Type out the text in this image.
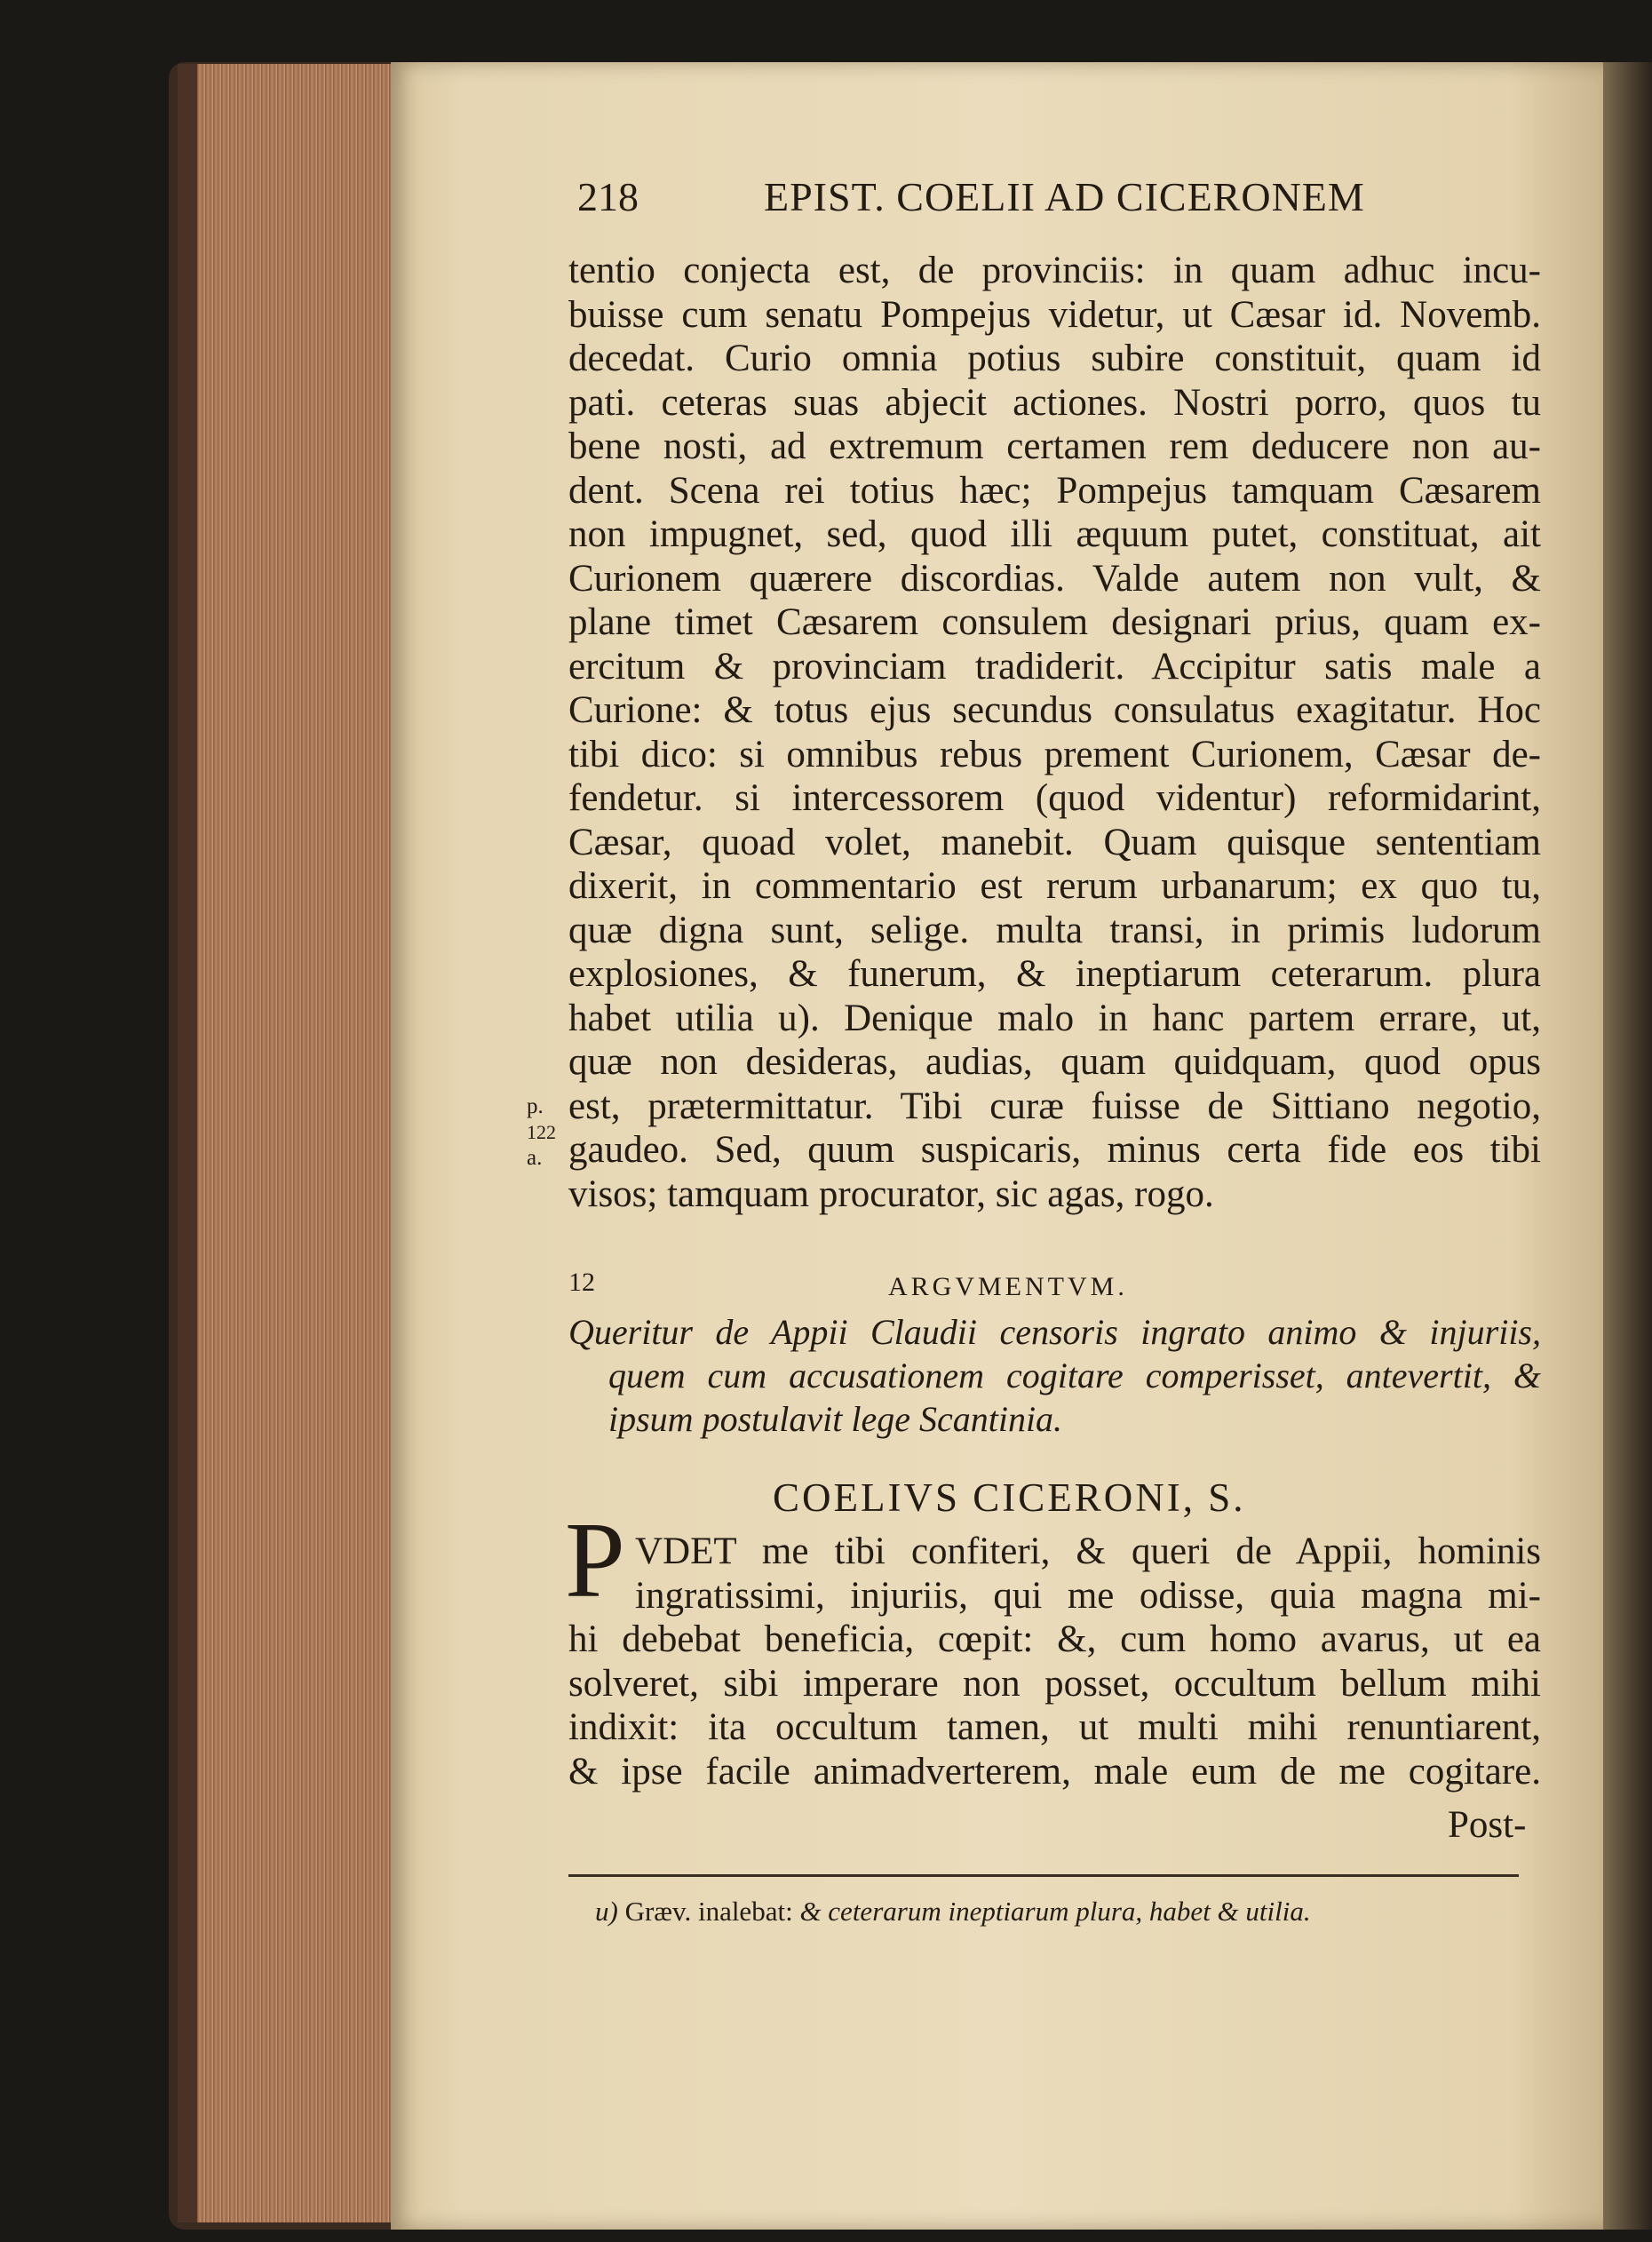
218	EPIST. COELII AD CICERONEM
tentio conjecta est, de provinciis: in quam adhuc incu-
buisse cum senatu Pompejus videtur, ut Cæsar id. Novemb.
decedat. Curio omnia potius subire constituit, quam id
pati. ceteras suas abjecit actiones. Nostri porro, quos tu
bene nosti, ad extremum certamen rem deducere non au-
dent. Scena rei totius hæc; Pompejus tamquam Cæsarem
non impugnet, sed, quod illi æquum putet, constituat, ait
Curionem quærere discordias. Valde autem non vult, &
plane timet Cæsarem consulem designari prius, quam ex-
ercitum & provinciam tradiderit. Accipitur satis male a
Curione: & totus ejus secundus consulatus exagitatur. Hoc
tibi dico: si omnibus rebus prement Curionem, Cæsar de-
fendetur. si intercessorem (quod videntur) reformidarint,
Cæsar, quoad volet, manebit. Quam quisque sententiam
dixerit, in commentario est rerum urbanarum; ex quo tu,
quæ digna sunt, selige. multa transi, in primis ludorum
explosiones, & funerum, & ineptiarum ceterarum. plura
habet utilia u). Denique malo in hanc partem errare, ut,
quæ non desideras, audias, quam quidquam, quod opus
est, prætermittatur. Tibi curæ fuisse de Sittiano negotio,
gaudeo. Sed, quum suspicaris, minus certa fide eos tibi
visos; tamquam procurator, sic agas, rogo.
p.
122
a.
12	ARGVMENTVM.
Queritur de Appii Claudii censoris ingrato animo & injuriis,
quem cum accusationem cogitare comperisset, antevertit, &
ipsum postulavit lege Scantinia.
COELIVS CICERONI, S.
P VDET me tibi confiteri, & queri de Appii, hominis
ingratissimi, injuriis, qui me odisse, quia magna mi-
hi debebat beneficia, cœpit: &, cum homo avarus, ut ea
solveret, sibi imperare non posset, occultum bellum mihi
indixit: ita occultum tamen, ut multi mihi renuntiarent,
& ipse facile animadverterem, male eum de me cogitare.
Post-
u) Græv. inalebat: & ceterarum ineptiarum plura, habet & utilia.
